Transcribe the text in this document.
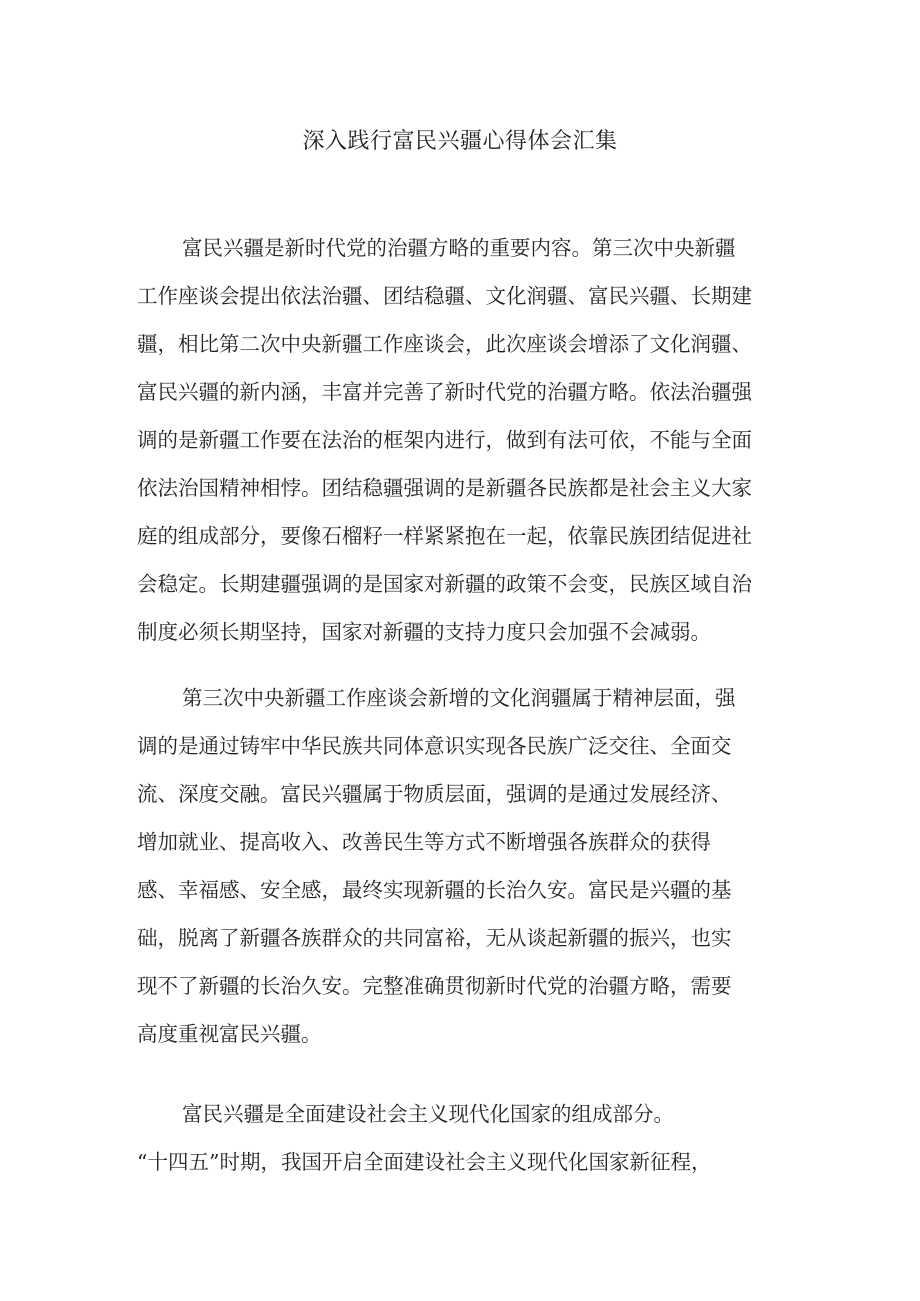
深入践行富民兴疆心得体会汇集
富民兴疆是新时代党的治疆方略的重要内容。第三次中央新疆
工作座谈会提出依法治疆、团结稳疆、文化润疆、富民兴疆、长期建
疆，相比第二次中央新疆工作座谈会，此次座谈会增添了文化润疆、
富民兴疆的新内涵，丰富并完善了新时代党的治疆方略。依法治疆强
调的是新疆工作要在法治的框架内进行，做到有法可依，不能与全面
依法治国精神相悖。团结稳疆强调的是新疆各民族都是社会主义大家
庭的组成部分，要像石榴籽一样紧紧抱在一起，依靠民族团结促进社
会稳定。长期建疆强调的是国家对新疆的政策不会变，民族区域自治
制度必须长期坚持，国家对新疆的支持力度只会加强不会减弱。
第三次中央新疆工作座谈会新增的文化润疆属于精神层面，强
调的是通过铸牢中华民族共同体意识实现各民族广泛交往、全面交
流、深度交融。富民兴疆属于物质层面，强调的是通过发展经济、
增加就业、提高收入、改善民生等方式不断增强各族群众的获得
感、幸福感、安全感，最终实现新疆的长治久安。富民是兴疆的基
础，脱离了新疆各族群众的共同富裕，无从谈起新疆的振兴，也实
现不了新疆的长治久安。完整准确贯彻新时代党的治疆方略，需要
高度重视富民兴疆。
富民兴疆是全面建设社会主义现代化国家的组成部分。
“十四五”时期，我国开启全面建设社会主义现代化国家新征程，
